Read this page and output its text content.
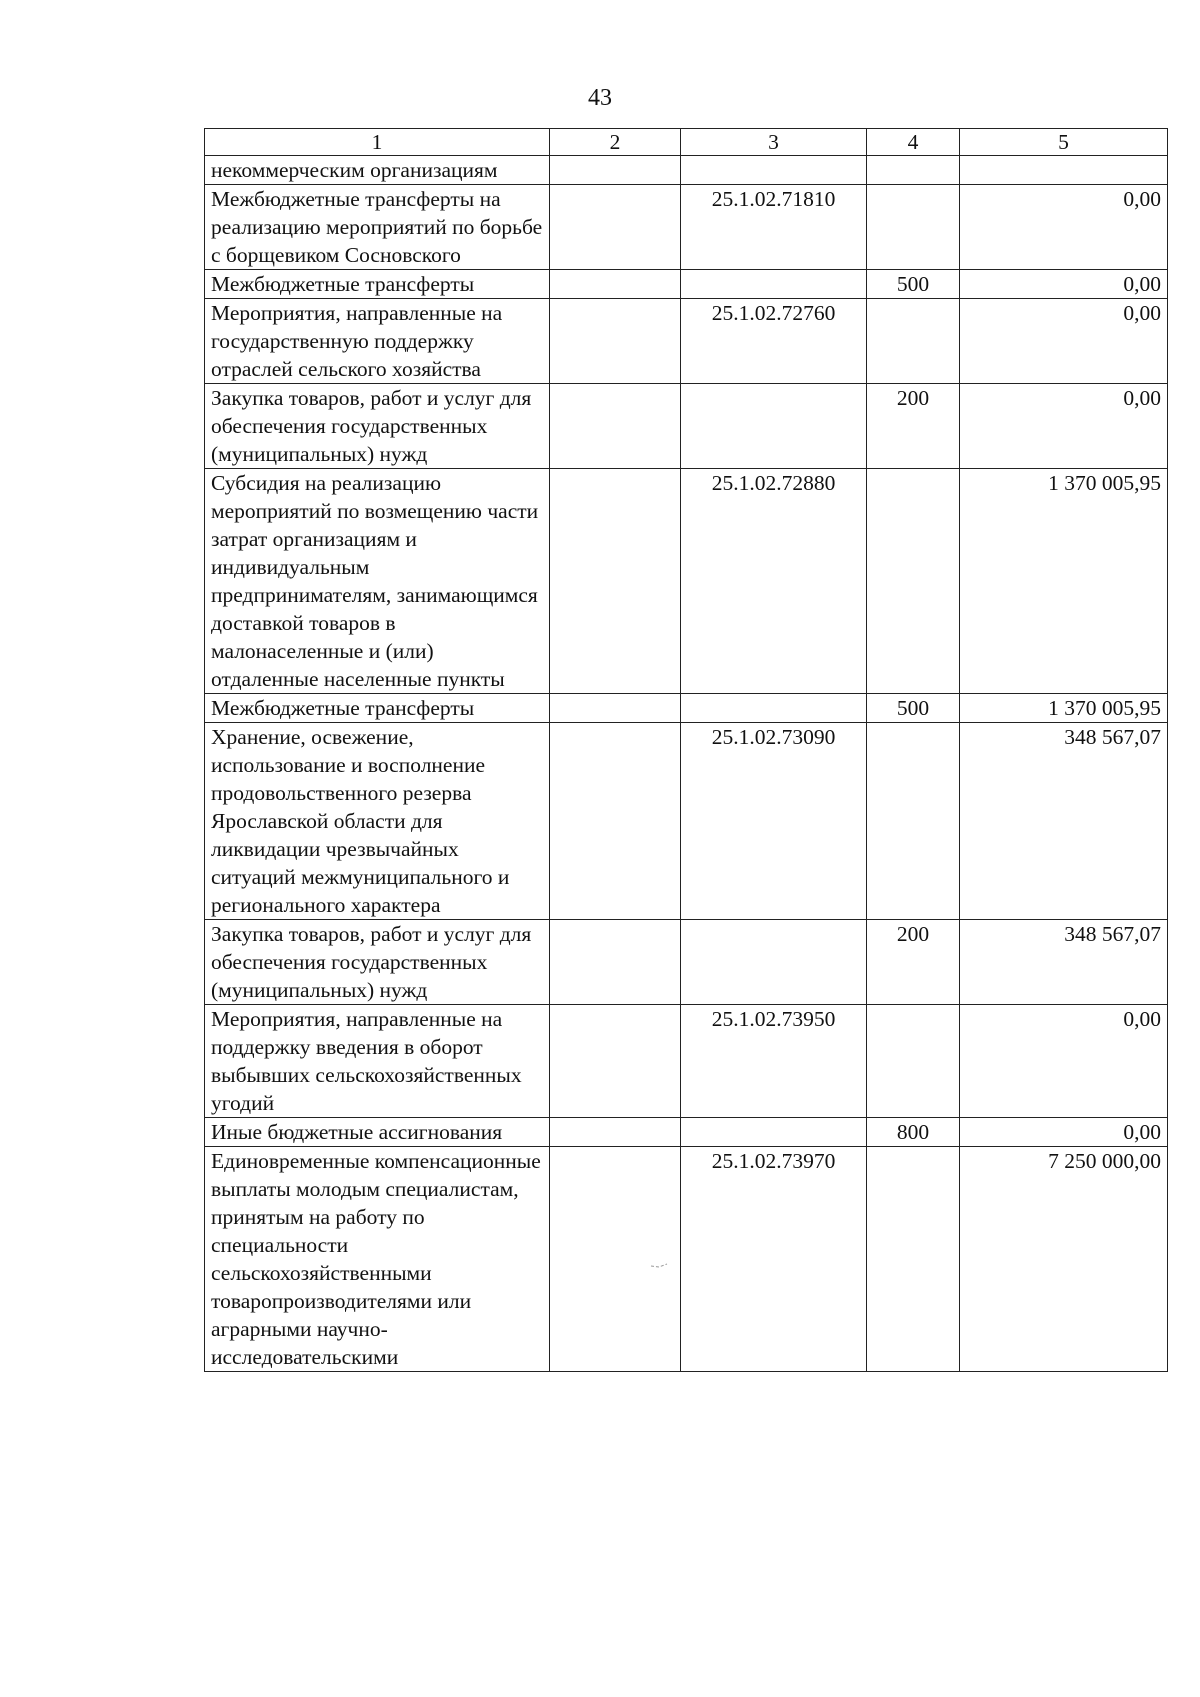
43
1	2	3	4	5
некоммерческим организациям				
Межбюджетные трансферты на реализацию мероприятий по борьбе с борщевиком Сосновского		25.1.02.71810		0,00
Межбюджетные трансферты			500	0,00
Мероприятия, направленные на государственную поддержку отраслей сельского хозяйства		25.1.02.72760		0,00
Закупка товаров, работ и услуг для обеспечения государственных (муниципальных) нужд			200	0,00
Субсидия на реализацию мероприятий по возмещению части затрат организациям и индивидуальным предпринимателям, занимающимся доставкой товаров в малонаселенные и (или) отдаленные населенные пункты		25.1.02.72880		1 370 005,95
Межбюджетные трансферты			500	1 370 005,95
Хранение, освежение, использование и восполнение продовольственного резерва Ярославской области для ликвидации чрезвычайных ситуаций межмуниципального и регионального характера		25.1.02.73090		348 567,07
Закупка товаров, работ и услуг для обеспечения государственных (муниципальных) нужд			200	348 567,07
Мероприятия, направленные на поддержку введения в оборот выбывших сельскохозяйственных угодий		25.1.02.73950		0,00
Иные бюджетные ассигнования			800	0,00
Единовременные компенсационные выплаты молодым специалистам, принятым на работу по специальности сельскохозяйственными товаропроизводителями или аграрными научно-исследовательскими		25.1.02.73970		7 250 000,00
